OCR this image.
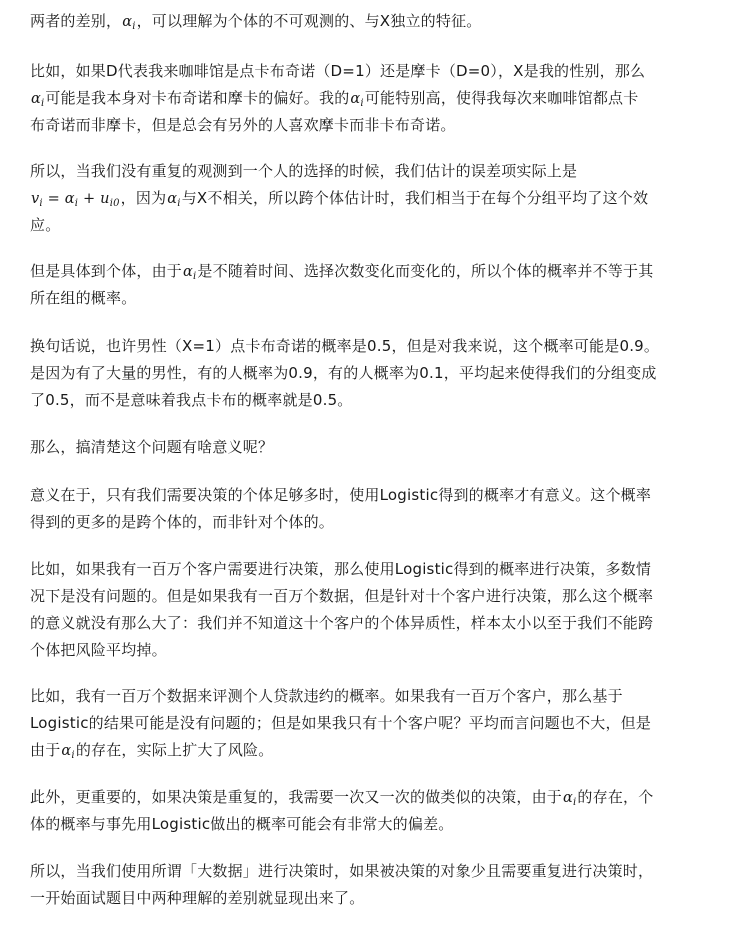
两者的差别，$\alpha_i$，可以理解为个体的不可观测的、与X独立的特征。
比如，如果D代表我来咖啡馆是点卡布奇诺（D=1）还是摩卡（D=0），X是我的性别，那么
$\alpha_i$可能是我本身对卡布奇诺和摩卡的偏好。我的$\alpha_i$可能特别高，使得我每次来咖啡馆都点卡
布奇诺而非摩卡，但是总会有另外的人喜欢摩卡而非卡布奇诺。
所以，当我们没有重复的观测到一个人的选择的时候，我们估计的误差项实际上是
$v_i = \alpha_i + u_{i0}$，因为$\alpha_i$与X不相关，所以跨个体估计时，我们相当于在每个分组平均了这个效
应。
但是具体到个体，由于$\alpha_i$是不随着时间、选择次数变化而变化的，所以个体的概率并不等于其
所在组的概率。
换句话说，也许男性（X=1）点卡布奇诺的概率是0.5，但是对我来说，这个概率可能是0.9。
是因为有了大量的男性，有的人概率为0.9，有的人概率为0.1，平均起来使得我们的分组变成
了0.5，而不是意味着我点卡布的概率就是0.5。
那么，搞清楚这个问题有啥意义呢？
意义在于，只有我们需要决策的个体足够多时，使用Logistic得到的概率才有意义。这个概率
得到的更多的是跨个体的，而非针对个体的。
比如，如果我有一百万个客户需要进行决策，那么使用Logistic得到的概率进行决策，多数情
况下是没有问题的。但是如果我有一百万个数据，但是针对十个客户进行决策，那么这个概率
的意义就没有那么大了：我们并不知道这十个客户的个体异质性，样本太小以至于我们不能跨
个体把风险平均掉。
比如，我有一百万个数据来评测个人贷款违约的概率。如果我有一百万个客户，那么基于
Logistic的结果可能是没有问题的；但是如果我只有十个客户呢？平均而言问题也不大，但是
由于$\alpha_i$的存在，实际上扩大了风险。
此外，更重要的，如果决策是重复的，我需要一次又一次的做类似的决策，由于$\alpha_i$的存在，个
体的概率与事先用Logistic做出的概率可能会有非常大的偏差。
所以，当我们使用所谓「大数据」进行决策时，如果被决策的对象少且需要重复进行决策时，
一开始面试题目中两种理解的差别就显现出来了。
